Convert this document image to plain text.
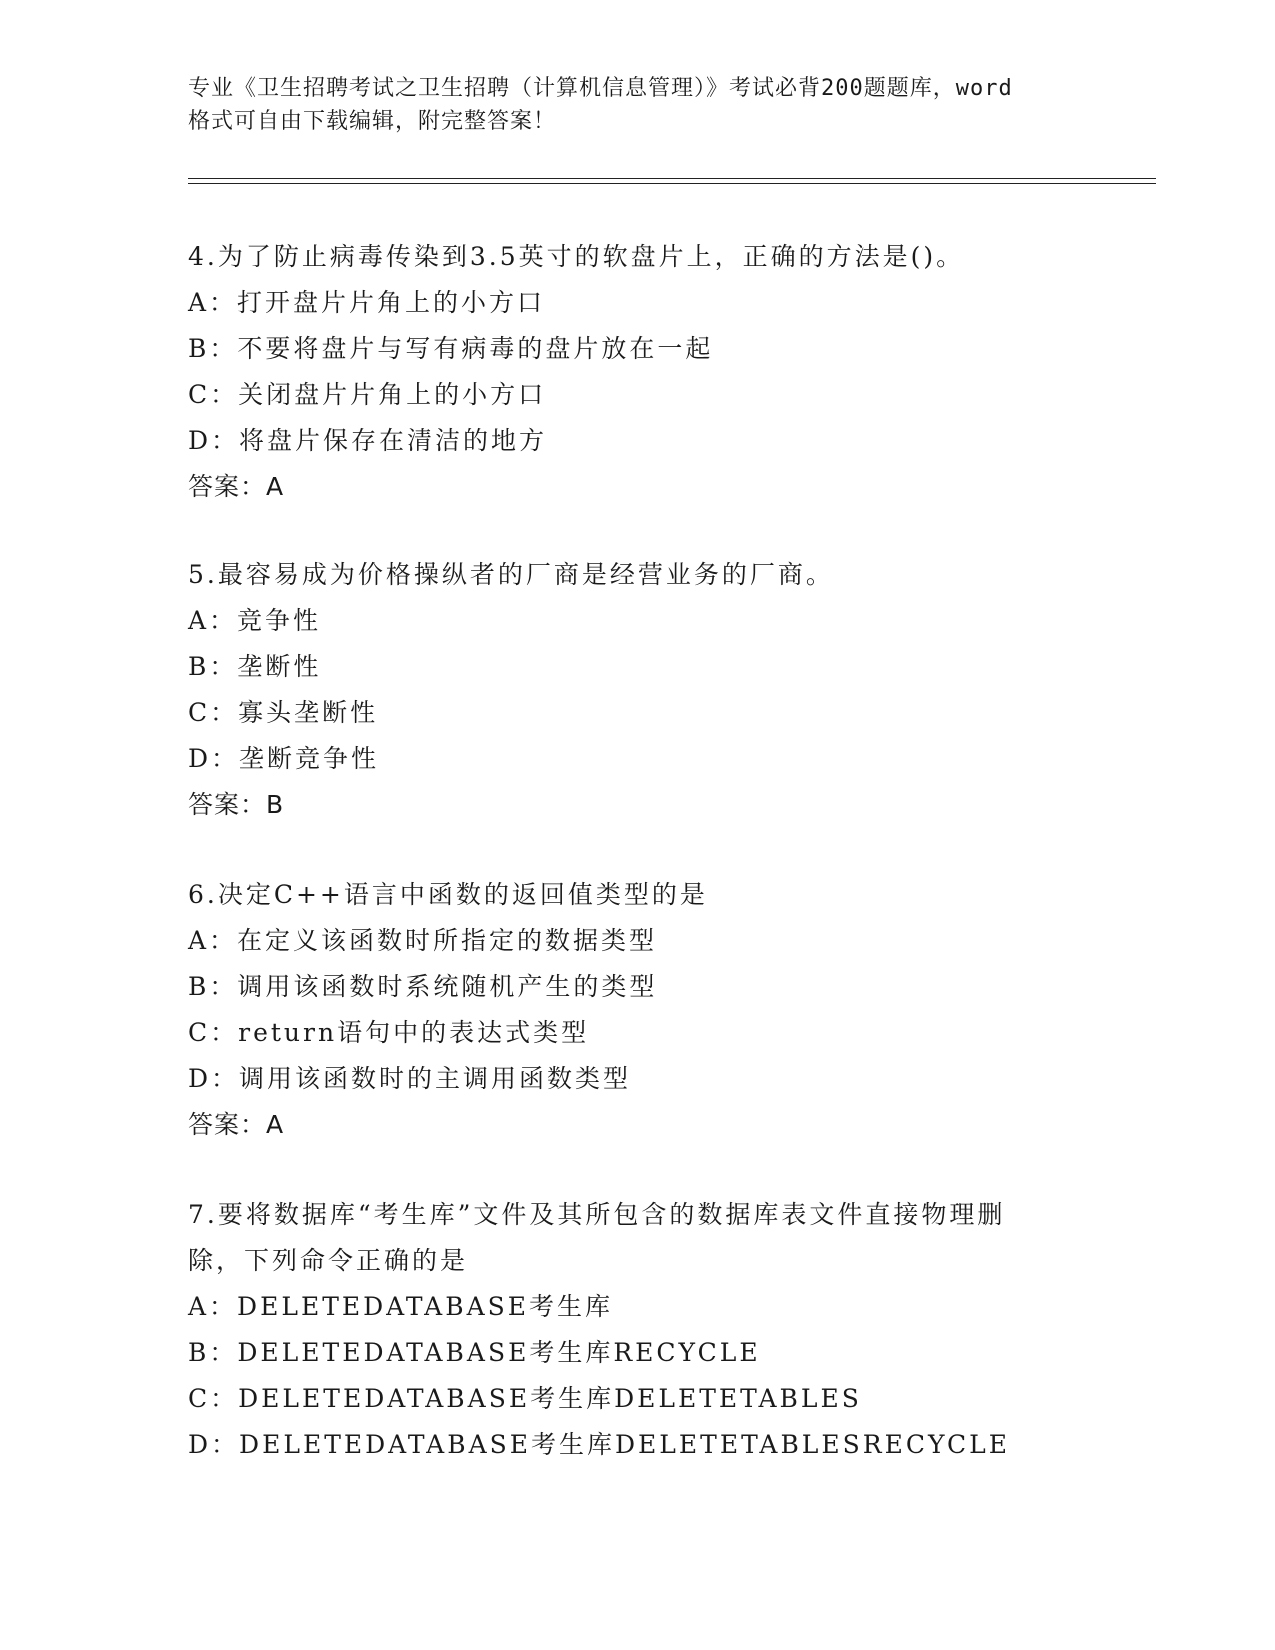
专业《卫生招聘考试之卫生招聘（计算机信息管理）》考试必背200题题库，word
格式可自由下载编辑，附完整答案！

4.为了防止病毒传染到3.5英寸的软盘片上，正确的方法是()。

A：打开盘片片角上的小方口

B：不要将盘片与写有病毒的盘片放在一起

C：关闭盘片片角上的小方口

D：将盘片保存在清洁的地方

答案：A

5.最容易成为价格操纵者的厂商是经营业务的厂商。

A：竞争性

B：垄断性

C：寡头垄断性

D：垄断竞争性

答案：B

6.决定C++语言中函数的返回值类型的是

A：在定义该函数时所指定的数据类型

B：调用该函数时系统随机产生的类型

C：return语句中的表达式类型

D：调用该函数时的主调用函数类型

答案：A

7.要将数据库“考生库”文件及其所包含的数据库表文件直接物理删

除，下列命令正确的是

A：DELETEDATABASE考生库

B：DELETEDATABASE考生库RECYCLE

C：DELETEDATABASE考生库DELETETABLES

D：DELETEDATABASE考生库DELETETABLESRECYCLE
